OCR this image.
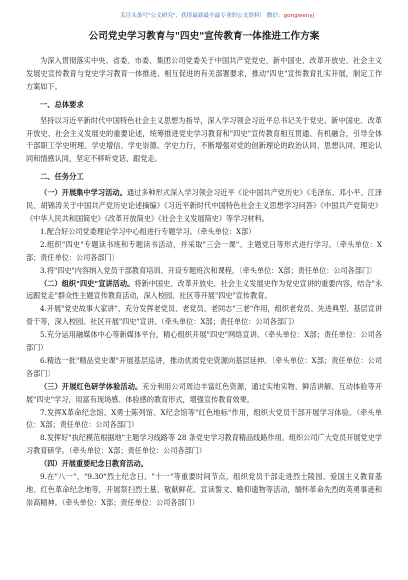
关注头条号"公文研究"，获得最新最全最专业的公文资料！ 微信：gongwenyj
公司党史学习教育与"四史"宣传教育一体推进工作方案

为深入贯彻落实中央、省委、市委、集团公司党委关于中国共产党党史、新中国史、改革开放史、社会主义发展史宣传教育与党史学习教育一体推进、相互促进的有关部署要求，推动"四史"宣传教育扎实开展，制定工作方案如下。

一、总体要求

坚持以习近平新时代中国特色社会主义思想为指导，深入学习领会习近平总书记关于党史、新中国史、改革开放史、社会主义发展史的重要论述，统筹推进党史学习教育和"四史"宣传教育相互贯通、有机融合，引导全体干部职工学史明理、学史增信、学史崇德、学史力行，不断增强对党的创新理论的政治认同、思想认同、理论认同和情感认同，坚定不移听党话、跟党走。

二、任务分工

（一）开展集中学习活动。通过多种形式深入学习领会习近平《论中国共产党历史》《毛泽东、邓小平、江泽民、胡锦涛关于中国共产党历史论述摘编》《习近平新时代中国特色社会主义思想学习问答》《中国共产党简史》《中华人民共和国简史》《改革开放简史》《社会主义发展简史》等学习材料。

1.配合好公司党委理论学习中心组进行专题学习。（牵头单位：X部）

2.组织"四史"专题读书班和专题读书活动，并采取"三会一课"、主题党日等形式进行学习。〔牵头单位：X部；责任单位：公司各部门〕

3.将"四史"内容纳入党员干部教育培训、开设专题班次和课程。〔牵头单位：X部；责任单位：公司各部门〕

（二）组织"四史"宣讲活动。将新中国史、改革开放史、社会主义发展史作为党史宣讲的重要内容，结合"永远跟党走"群众性主题宣传教育活动，深入校园、社区等开展"四史"宣传教育。

4.开展"党史故事大家讲"，充分发挥老党员、老党员、老同志"三老"作用，组织老党员、先进典型、基层宣讲骨干等，深入校园、社区开展"四史"宣讲。（牵头单位：X部；责任单位：公司各部门）

5.充分运用融媒体中心等新媒体平台，精心组织开展"四史"网络宣讲。（牵头单位：X部；责任单位：公司各部门）

6.精选一批"精品党史课"开展基层巡讲，推动优质党史资源向基层延伸。〔牵头单位：X部；责任单位：公司各部门〕

（三）开展红色研学体验活动。充分利用公司周边丰富红色资源，通过实地实物、鲜活讲解、互动体验等开展"四史"学习，用富有现场感、体验感的教育形式，增强宣传教育效果。

7.发挥X革命纪念馆、X勇士陈列馆、X纪念馆等"红色地标"作用，组织大党员干部开展学习体验。（牵头单位：X部；责任单位：公司各部门）

8.发挥好"执纪模范根据地"主题学习线路等 28 条党史学习教育精品线路作用，组织公司广大党员开展党史学习教育研学。（牵头单位：X部；责任单位：公司各部门）

（四）开展重要纪念日教育活动。

9.在"八一"、"9.30"烈士纪念日、"十一"等重要时间节点，组织党员干部走进烈士陵园、爱国主义教育基地、红色革命纪念地等，开展祭扫烈士墓、敬献鲜花、宣读誓文、瞻仰遗物等活动，缅怀革命先烈的英勇事迹和崇高精神。（牵头单位：X部；责任单位：公司各部门）
